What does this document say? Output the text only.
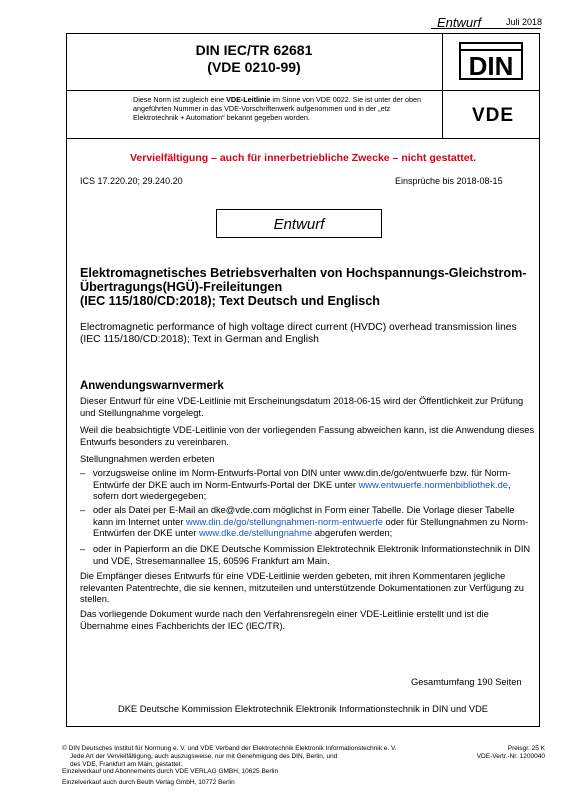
Entwurf	Juli 2018
DIN IEC/TR 62681
(VDE 0210-99)	DIN
VDE
Diese Norm ist zugleich eine VDE-Leitlinie im Sinne von VDE 0022. Sie ist unter der oben angeführten Nummer in das VDE-Vorschriftenwerk aufgenommen und in der „etz Elektrotechnik + Automation“ bekannt gegeben worden.
Vervielfältigung – auch für innerbetriebliche Zwecke – nicht gestattet.
ICS 17.220.20; 29.240.20	Einsprüche bis 2018-08-15
Entwurf
Elektromagnetisches Betriebsverhalten von Hochspannungs-Gleichstrom-
Übertragungs(HGÜ)-Freileitungen
(IEC 115/180/CD:2018); Text Deutsch und Englisch
Electromagnetic performance of high voltage direct current (HVDC) overhead transmission lines
(IEC 115/180/CD:2018); Text in German and English
Anwendungswarnvermerk
Dieser Entwurf für eine VDE-Leitlinie mit Erscheinungsdatum 2018-06-15 wird der Öffentlichkeit zur Prüfung und Stellungnahme vorgelegt.
Weil die beabsichtigte VDE-Leitlinie von der vorliegenden Fassung abweichen kann, ist die Anwendung dieses Entwurfs besonders zu vereinbaren.
Stellungnahmen werden erbeten
– vorzugsweise online im Norm-Entwurfs-Portal von DIN unter www.din.de/go/entwuerfe bzw. für Norm-Entwürfe der DKE auch im Norm-Entwurfs-Portal der DKE unter www.entwuerfe.normenbibliothek.de, sofern dort wiedergegeben;
– oder als Datei per E-Mail an dke@vde.com möglichst in Form einer Tabelle. Die Vorlage dieser Tabelle kann im Internet unter www.din.de/go/stellungnahmen-norm-entwuerfe oder für Stellungnahmen zu Norm-Entwürfen der DKE unter www.dke.de/stellungnahme abgerufen werden;
– oder in Papierform an die DKE Deutsche Kommission Elektrotechnik Elektronik Informationstechnik in DIN und VDE, Stresemannallee 15, 60596 Frankfurt am Main.
Die Empfänger dieses Entwurfs für eine VDE-Leitlinie werden gebeten, mit ihren Kommentaren jegliche relevanten Patentrechte, die sie kennen, mitzuteilen und unterstützende Dokumentationen zur Verfügung zu stellen.
Das vorliegende Dokument wurde nach den Verfahrensregeln einer VDE-Leitlinie erstellt und ist die Übernahme eines Fachberichts der IEC (IEC/TR).
Gesamtumfang 190 Seiten
DKE Deutsche Kommission Elektrotechnik Elektronik Informationstechnik in DIN und VDE
© DIN Deutsches Institut für Normung e. V. und VDE Verband der Elektrotechnik Elektronik Informationstechnik e. V.
Jede Art der Vervielfältigung, auch auszugsweise, nur mit Genehmigung des DIN, Berlin, und
des VDE, Frankfurt am Main, gestattet.
Einzelverkauf und Abonnements durch VDE VERLAG GMBH, 10625 Berlin
Einzelverkauf auch durch Beuth Verlag GmbH, 10772 Berlin
Preisgr. 25 K
VDE-Vertr.-Nr. 1200040
